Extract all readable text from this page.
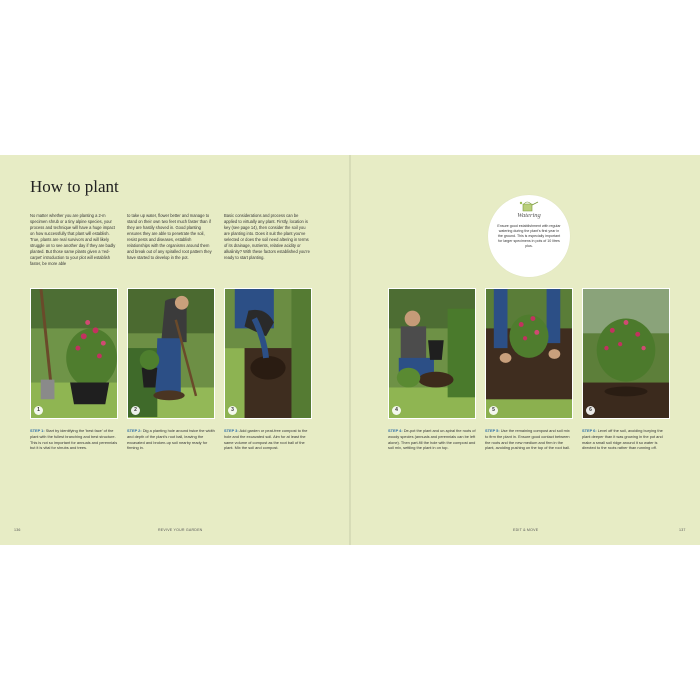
How to plant

No matter whether you are planting a 2-m specimen shrub or a tiny alpine species, your process and technique will have a huge impact on how successfully that plant will establish. True, plants are real survivors and will likely struggle on to see another day if they are badly planted. But those same plants given a 'red-carpet' introduction to your plot will establish faster, be more able

to take up water, flower better and manage to stand on their own two feet much faster than if they are hastily shoved in. Good planting ensures they are able to penetrate the soil, resist pests and diseases, establish relationships with the organisms around them and break out of any spiralled root pattern they have started to develop in the pot.

Basic considerations and process can be applied to virtually any plant. Firstly, location is key (see page 14), then consider the soil you are planting into. Does it suit the plant you've selected or does the soil need altering in terms of its drainage, nutrients, relative acidity or alkalinity? With these factors established you're ready to start planting.

Watering

Ensure good establishment with regular watering during the plant's first year in the ground. This is especially important for larger specimens in pots of 10 litres plus.

1	2	3	4	5	6

STEP 1: Start by identifying the 'best face' of the plant with the fullest branching and best structure. This is not so important for annuals and perennials but it is vital for shrubs and trees.

STEP 2: Dig a planting hole around twice the width and depth of the plant's root ball, leaving the excavated and broken-up soil nearby ready for firming in.

STEP 3: Add garden or peat-free compost to the hole and the excavated soil. Aim for at least the same volume of compost as the root ball of the plant. Mix the soil and compost.

STEP 4: De-pot the plant and un-spiral the roots of woody species (annuals and perennials can be left alone). Then part-fill the hole with the compost and soil mix, settling the plant in on top.

STEP 5: Use the remaining compost and soil mix to firm the plant in. Ensure good contact between the roots and the new medium and firm in the plant, avoiding pushing on the top of the root ball.

STEP 6: Level off the soil, avoiding burying the plant deeper than it was growing in the pot and make a small soil ridge around it so water is directed to the roots rather than running off.

136	REVIVE YOUR GARDEN	EDIT & MOVE	137
